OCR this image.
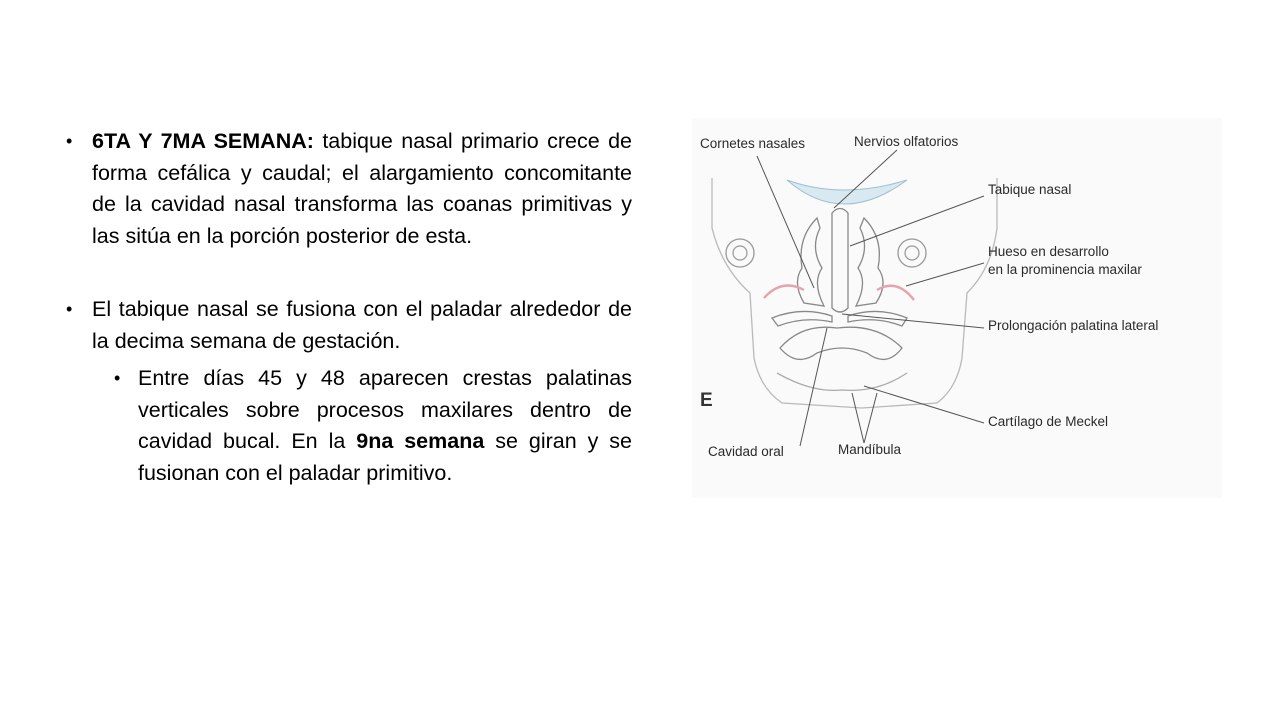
• 6TA Y 7MA SEMANA: tabique nasal primario crece de forma cefálica y caudal; el alargamiento concomitante de la cavidad nasal transforma las coanas primitivas y las sitúa en la porción posterior de esta.
• El tabique nasal se fusiona con el paladar alrededor de la decima semana de gestación.
• Entre días 45 y 48 aparecen crestas palatinas verticales sobre procesos maxilares dentro de cavidad bucal. En la 9na semana se giran y se fusionan con el paladar primitivo.
Cornetes nasales	Nervios olfatorios
Tabique nasal
Hueso en desarrollo
en la prominencia maxilar
Prolongación palatina lateral
Cartílago de Meckel
Cavidad oral	Mandíbula
E
